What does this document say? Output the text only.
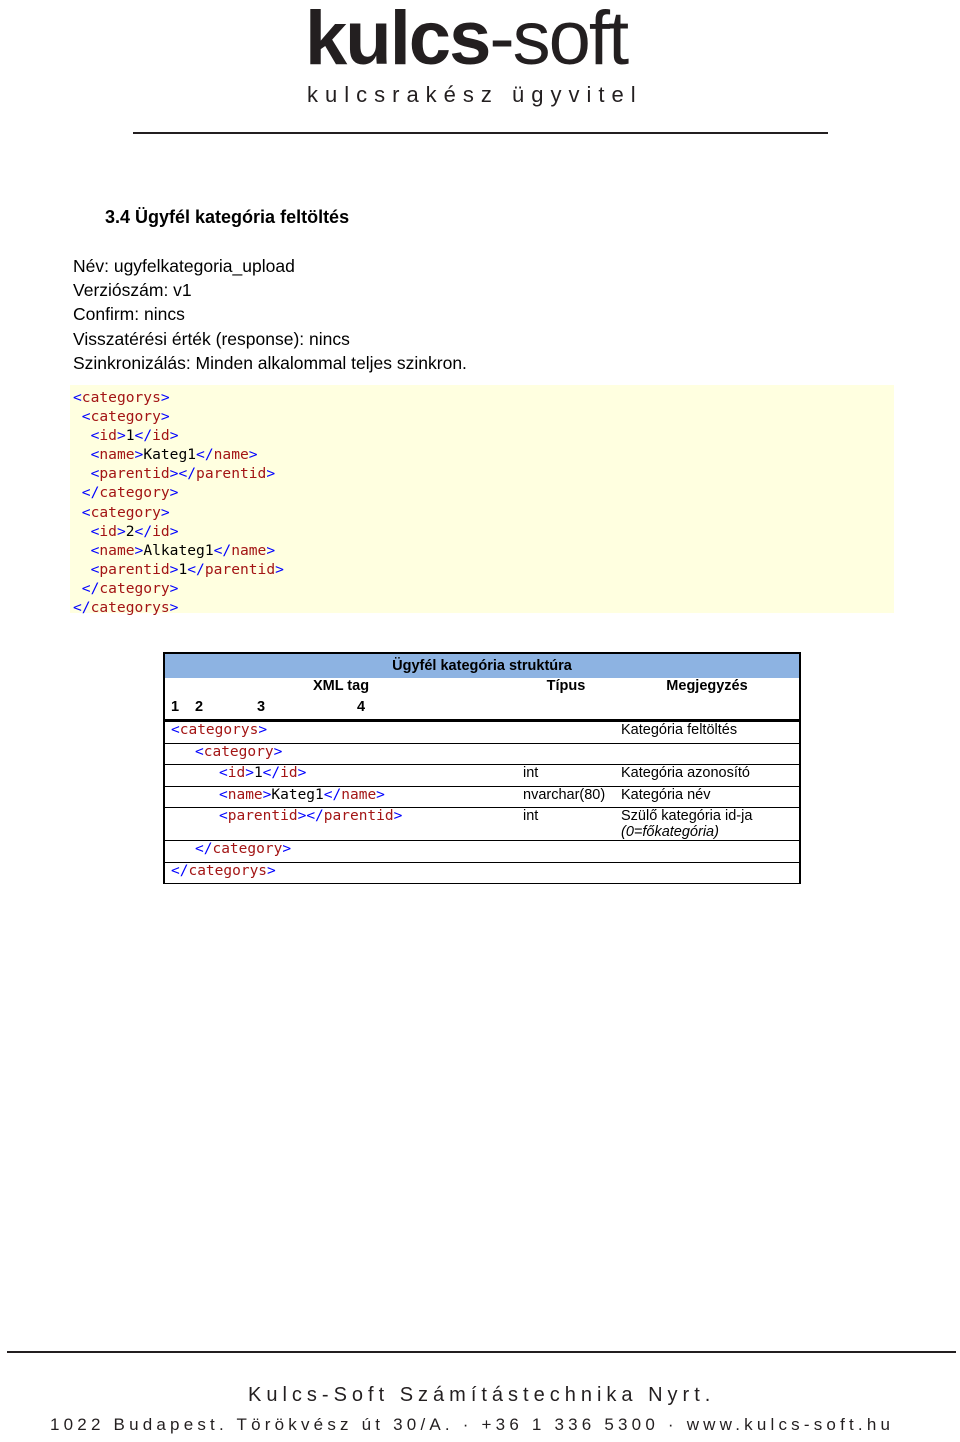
kulcs-soft
kulcsrakész ügyvitel
3.4 Ügyfél kategória feltöltés
Név: ugyfelkategoria_upload
Verziószám: v1
Confirm: nincs
Visszatérési érték (response): nincs
Szinkronizálás: Minden alkalommal teljes szinkron.
<categorys>
<category>
<id>1</id>
<name>Kateg1</name>
<parentid></parentid>
</category>
<category>
<id>2</id>
<name>Alkateg1</name>
<parentid>1</parentid>
</category>
</categorys>
Ügyfél kategória struktúra		
XML tag	Típus	Megjegyzés
1 2 3 4		
<categorys>		Kategória feltöltés
<category>		
<id>1</id>	int	Kategória azonosító
<name>Kateg1</name>	nvarchar(80)	Kategória név
<parentid></parentid>	int	Szülő kategória id-ja
(0=főkategória)

</category>		
</categorys>		
Kulcs-Soft Számítástechnika Nyrt.
1022 Budapest. Törökvész út 30/A. · +36 1 336 5300 · www.kulcs-soft.hu
